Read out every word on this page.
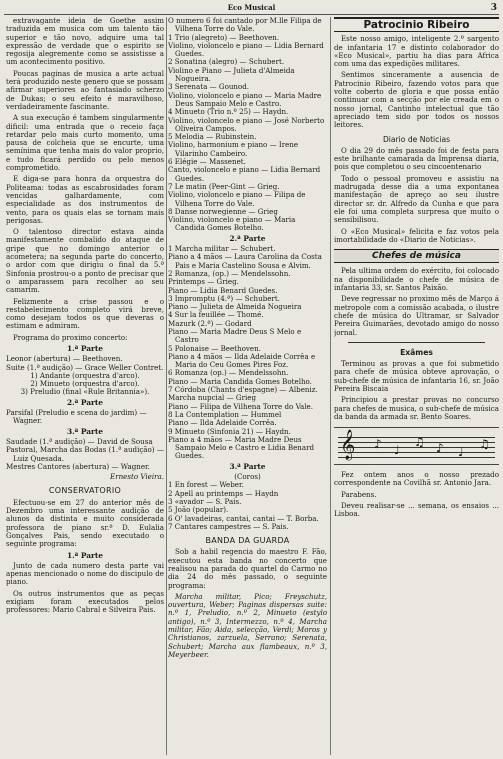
Eco Musical	3

extravagante ideia de Goethe assim traduzida em musica com um talento tão superior e tão novo, adquire uma tal expressão de verdade que o espirito se regosija alegremente como se assistisse a um acontecimento positivo.

Poucas paginas de musica a arte actual terá produzido neste genero que se possam afirmar superiores ao fantasiado scherzo de Dukas; o seu efeito é maravilhoso, verdadeiramente fascinante.

A sua execução é tambem singularmente dificil: uma entrada que o receio faça retardar pelo mais curto momento, uma pausa de colcheia que se encurte, uma semínima que tenha mais do valor proprio, e tudo ficará perdido ou pelo menos comprometido.

E diga-se para honra da orquestra do Politeama: todas as escabrosidades foram vencidas galhardamente, com especialidade as dos instrumentos de vento, para os quais elas se tornam mais perigosas.

O talentoso director estava ainda manifestamente combalido do ataque de gripe que no domingo anterior o acometera; na segunda parte do concerto, o ardor com que dirigiu o final da 5.ª Sinfonia prostrou-o a ponto de precisar que o amparassem para recolher ao seu camarim.

Felizmente a crise passou e o restabelecimento completo virá breve, como desejam todos os que deveras o estimam e admiram.

Programa do proximo concerto:

1.ª Parte
Leonor (abertura) — Beethoven.
Suite (1.ª audição) — Grace Weller Contret.
1) Andante (orquestra d'arco).
2) Minueto (orquestra d'arco).
3) Preludio (final «Rule Britannia»).
2.ª Parte
Parsifal (Preludio e scena do jardim) — Wagner.
3.ª Parte
Saudade (1.ª audição) — David de Sousa
Pastoral, Marcha das Bodas (1.ª audição) — Luiz Quesada.
Mestres Cantores (abertura) — Wagner.
Ernesto Vieira.
CONSERVATORIO

Efectuou-se em 27 do anterior mês de Dezembro uma interessante audição de alunos da distinta e muito considerada professora de piano sr.ª D. Eulalia Gonçalves Pais, sendo executado o seguinte programa:

1.ª Parte

Junto de cada numero desta parte vai apenas mencionado o nome do discipulo de piano.

Os outros instrumentos que as peças exigiam foram executados pelos professores: Mario Cabral e Silveira Pais.

O numero 6 foi cantado por M.lle Filipa de Vilhena Torre do Vale.
1 Trio (alegreto) — Beethoven.
Violino, violoncelo e piano — Lidia Bernard Guedes.
2 Sonatina (alegro) — Schubert.
Violino e Piano — Julieta d'Almeida Nogueira.
3 Serenata — Gounod.
Violino, violoncelo e piano — Maria Madre Deus Sampaio Melo e Castro.
4 Minueto (Trio n.º 25) — Haydn.
Violino, violoncelo e piano — José Norberto Oliveira Campos.
5 Melodia — Rubinstein.
Violino, harmonium e piano — Irene Vilarinho Cambeiro.
6 Elégie — Massenet.
Canto, violoncelo e piano — Lidia Bernard Guedes.
7 Le matin (Peer-Gint — Grieg.
Violino, violoncelo e piano — Filipa de Vilhena Torre do Vale.
8 Danse norwegienne — Grieg
Violino, violoncelo e piano — Maria Candida Gomes Botelho.
2.ª Parte
1 Marcha militar — Schubert.
Piano a 4 mãos — Laura Carolina da Costa Pais e Maria Castelino Sousa e Alvim.
2 Romanza, (op.) — Mendelssohn.
Printemps — Grieg.
Piano — Lidia Benard Guedes.
3 Impromptu (4.ª) — Schubert.
Piano — Julieta de Almeida Nogueira
4 Sur la feuillée — Thomé.
Mazurk (2.ª) — Godard
Piano — Maria Madre Deus S Melo e Castro
5 Polonaise — Beethoven.
Piano a 4 mãos — Ilda Adelaide Corrêa e Maria do Ceu Gomes Pires Foz.
6 Romanza (op.) — Mendelssohn.
Piano — Maria Candida Gomes Botelho.
7 Córdoba (Chants d'espagne) — Albeniz.
Marcha nupcial — Grieg
Piano — Filipa de Vilhena Torre do Vale.
8 La Contemplation — Hummel
Piano — Ilda Adelaide Corrêa.
9 Minueto (Sinfonia 21) — Haydn.
Piano a 4 mãos — Maria Madre Deus Sampaio Melo e Castro e Lidia Benard Guedes.
3.ª Parte
(Coros)
1 En forest — Weber.
2 Apell au printemps — Haydn
3 «avador — S. Pais.
5 João (popular).
6 O' lavadeiras, cantai, cantai — T. Borba.
7 Cantares campestres — S. Pais.
BANDA DA GUARDA

Sob a habil regencia do maestro F. Fão, executou esta banda no concerto que realisou na parada do quartel do Carmo no dia 24 do mês passado, o seguinte programa:

Marcha militar, Pico; Freyschutz, ouvertura, Weber; Paginas dispersas suite: n.º 1, Preludio, n.º 2, Minueto (estylo antigo), n.º 3, Intermezzo, n.º 4, Marcha militar, Fão; Aida, selecção, Verdi; Moros y Christianos, zarzuela, Serrano; Serenata, Schubert; Marcha aux flambeaux, n.º 3, Meyerbeer.

Patrocinio Ribeiro

Este nosso amigo, inteligente 2.º sargento de infantaria 17 e distinto colaborador do «Eco Musical», partiu ha dias para Africa com uma das expedições militares.

Sentimos sinceramente a ausencia de Patrocinio Ribeiro, fazendo votos para que volte coberto de gloria e que possa entâo continuar com a secção por ele creada em o nosso jornal, Cantinho intelectual que tão apreciado tem sido por todos os nossos leitores.

Diario de Noticias

O dia 29 do mês passado foi de festa para este brilhante camarada da Imprensa diaria, pois que completou o seu cincoentenario

Todo o pessoal promoveu e assistiu na madrugada desse dia a uma expontanea manifestação de apreço ao seu ilustre director sr. dr. Alfredo da Cunha e que para ele foi uma completa surpresa que muito o sensibilisou.

O «Eco Musical» felicita e faz votos pela imortabilidade do «Diario de Noticias».

Chefes de música

Pela ultima ordem do exército, foi colocado na disponibilidade o chefe de música de infantaria 33, sr. Santos Paixão.

Deve regressar no proximo mês de Março á metropole com a comissão acabada, o ilustre chefe de música do Ultramar, sr Salvador Pereira Guimarães, devotado amigo do nosso jornal.

Exâmes

Terminou as provas a que foi submetido para chefe de música obteve aprovação, o sub-chefe de música de infantaria 16, sr. João Pereira Biscaia

Principiou a prestar provas no concurso para chefes de musica, o sub-chefe de música da banda da armada sr. Bento Soares.

𝄞 ♪ ♩
♫ ♪ ♩
♫

Fez ontem anos o nosso prezado correspondente na Covilhã sr. Antonio Jara.

Parabens.

Deveu realisar-se ... semana, os ensaios ... Lisboa.
